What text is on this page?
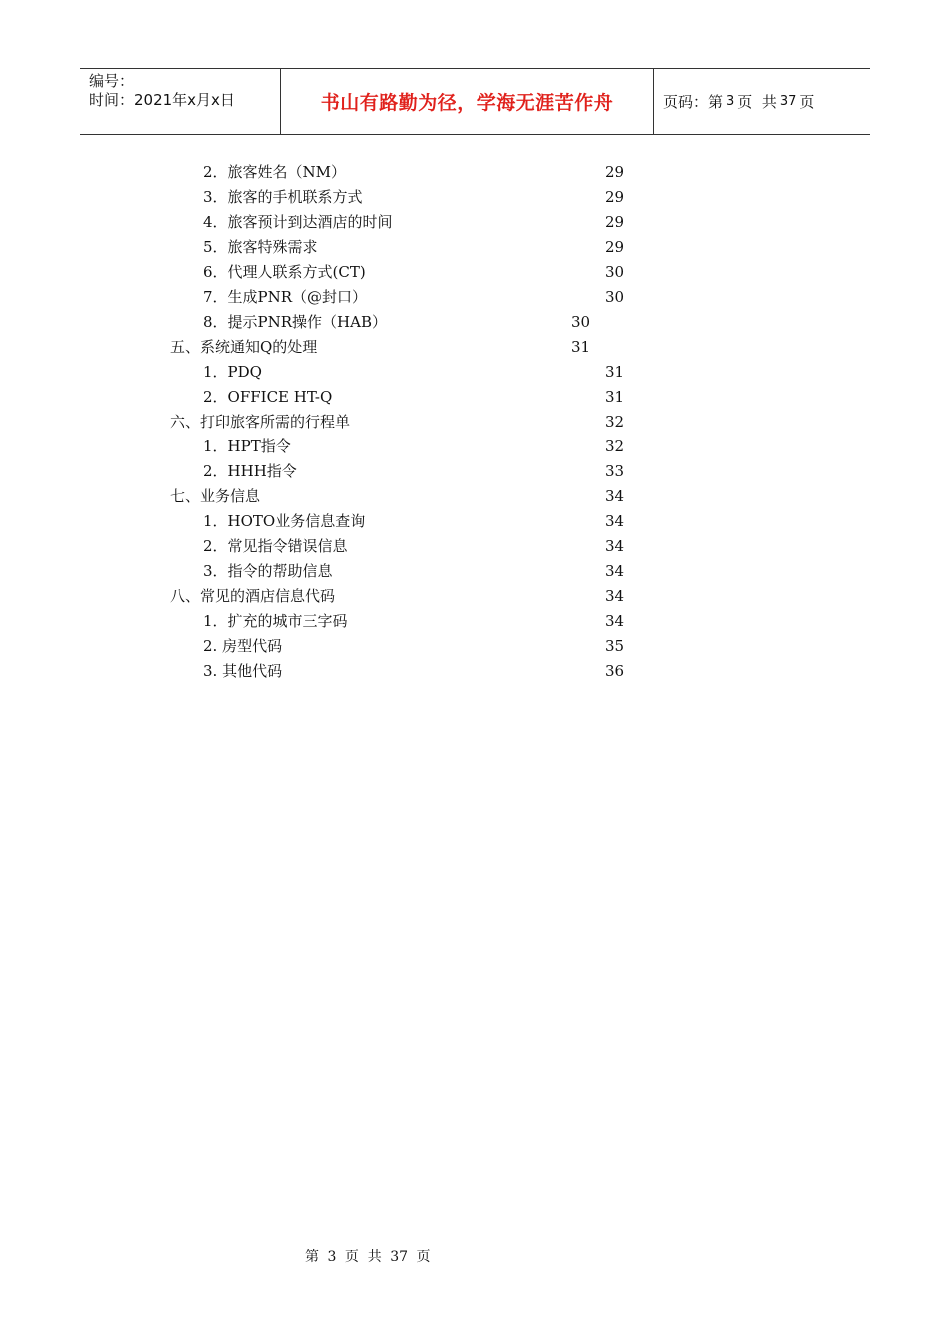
编号：
时间：2021年x月x日	书山有路勤为径，学海无涯苦作舟	页码：第 3 页  共 37 页
2．旅客姓名（NM）	29
3．旅客的手机联系方式	29
4．旅客预计到达酒店的时间	29
5．旅客特殊需求	29
6．代理人联系方式(CT)	30
7．生成PNR（@封口）	30
8．提示PNR操作（HAB）	30
五、系统通知Q的处理	31
1．PDQ	31
2．OFFICE HT-Q	31
六、打印旅客所需的行程单	32
1．HPT指令	32
2．HHH指令	33
七、业务信息	34
1．HOTO业务信息查询	34
2．常见指令错误信息	34
3．指令的帮助信息	34
八、常见的酒店信息代码	34
1．扩充的城市三字码	34
2. 房型代码	35
3. 其他代码	36
第 3 页  共 37 页
